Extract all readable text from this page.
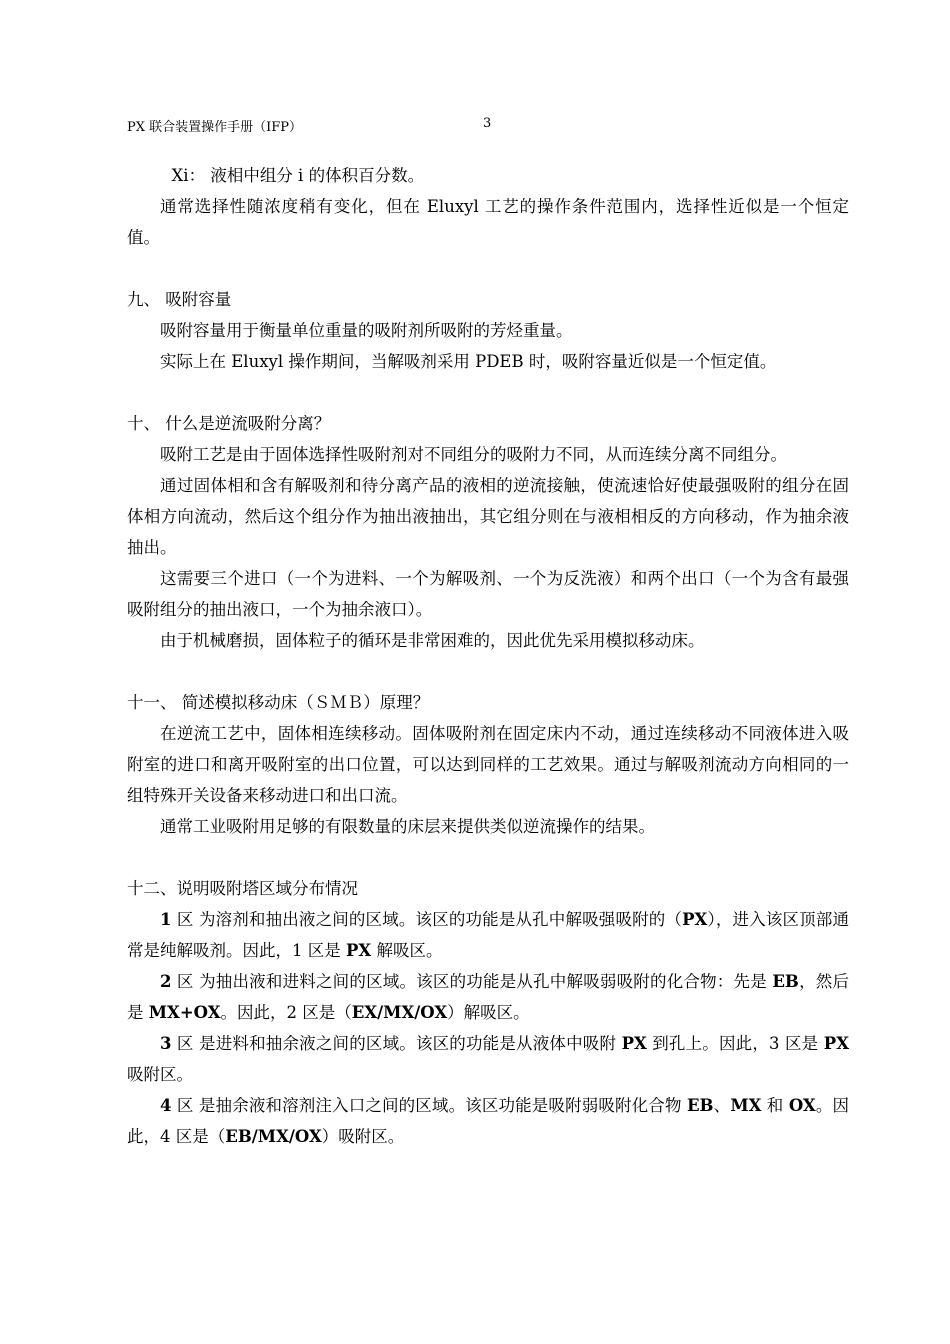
PX 联合装置操作手册（IFP）	3

Xi： 液相中组分 i 的体积百分数。

通常选择性随浓度稍有变化，但在 Eluxyl 工艺的操作条件范围内，选择性近似是一个恒定值。

九、 吸附容量

吸附容量用于衡量单位重量的吸附剂所吸附的芳烃重量。

实际上在 Eluxyl 操作期间，当解吸剂采用 PDEB 时，吸附容量近似是一个恒定值。

十、 什么是逆流吸附分离？

吸附工艺是由于固体选择性吸附剂对不同组分的吸附力不同，从而连续分离不同组分。

通过固体相和含有解吸剂和待分离产品的液相的逆流接触，使流速恰好使最强吸附的组分在固体相方向流动，然后这个组分作为抽出液抽出，其它组分则在与液相相反的方向移动，作为抽余液抽出。

这需要三个进口（一个为进料、一个为解吸剂、一个为反洗液）和两个出口（一个为含有最强吸附组分的抽出液口，一个为抽余液口）。

由于机械磨损，固体粒子的循环是非常困难的，因此优先采用模拟移动床。

十一、 简述模拟移动床（ＳＭＢ）原理？

在逆流工艺中，固体相连续移动。固体吸附剂在固定床内不动，通过连续移动不同液体进入吸附室的进口和离开吸附室的出口位置，可以达到同样的工艺效果。通过与解吸剂流动方向相同的一组特殊开关设备来移动进口和出口流。

通常工业吸附用足够的有限数量的床层来提供类似逆流操作的结果。

十二、说明吸附塔区域分布情况

1 区 为溶剂和抽出液之间的区域。该区的功能是从孔中解吸强吸附的（PX），进入该区顶部通常是纯解吸剂。因此，1 区是 PX 解吸区。

2 区 为抽出液和进料之间的区域。该区的功能是从孔中解吸弱吸附的化合物：先是 EB，然后是 MX+OX。因此，2 区是（EX/MX/OX）解吸区。

3 区 是进料和抽余液之间的区域。该区的功能是从液体中吸附 PX 到孔上。因此，3 区是 PX 吸附区。

4 区 是抽余液和溶剂注入口之间的区域。该区功能是吸附弱吸附化合物 EB、MX 和 OX。因此，4 区是（EB/MX/OX）吸附区。
